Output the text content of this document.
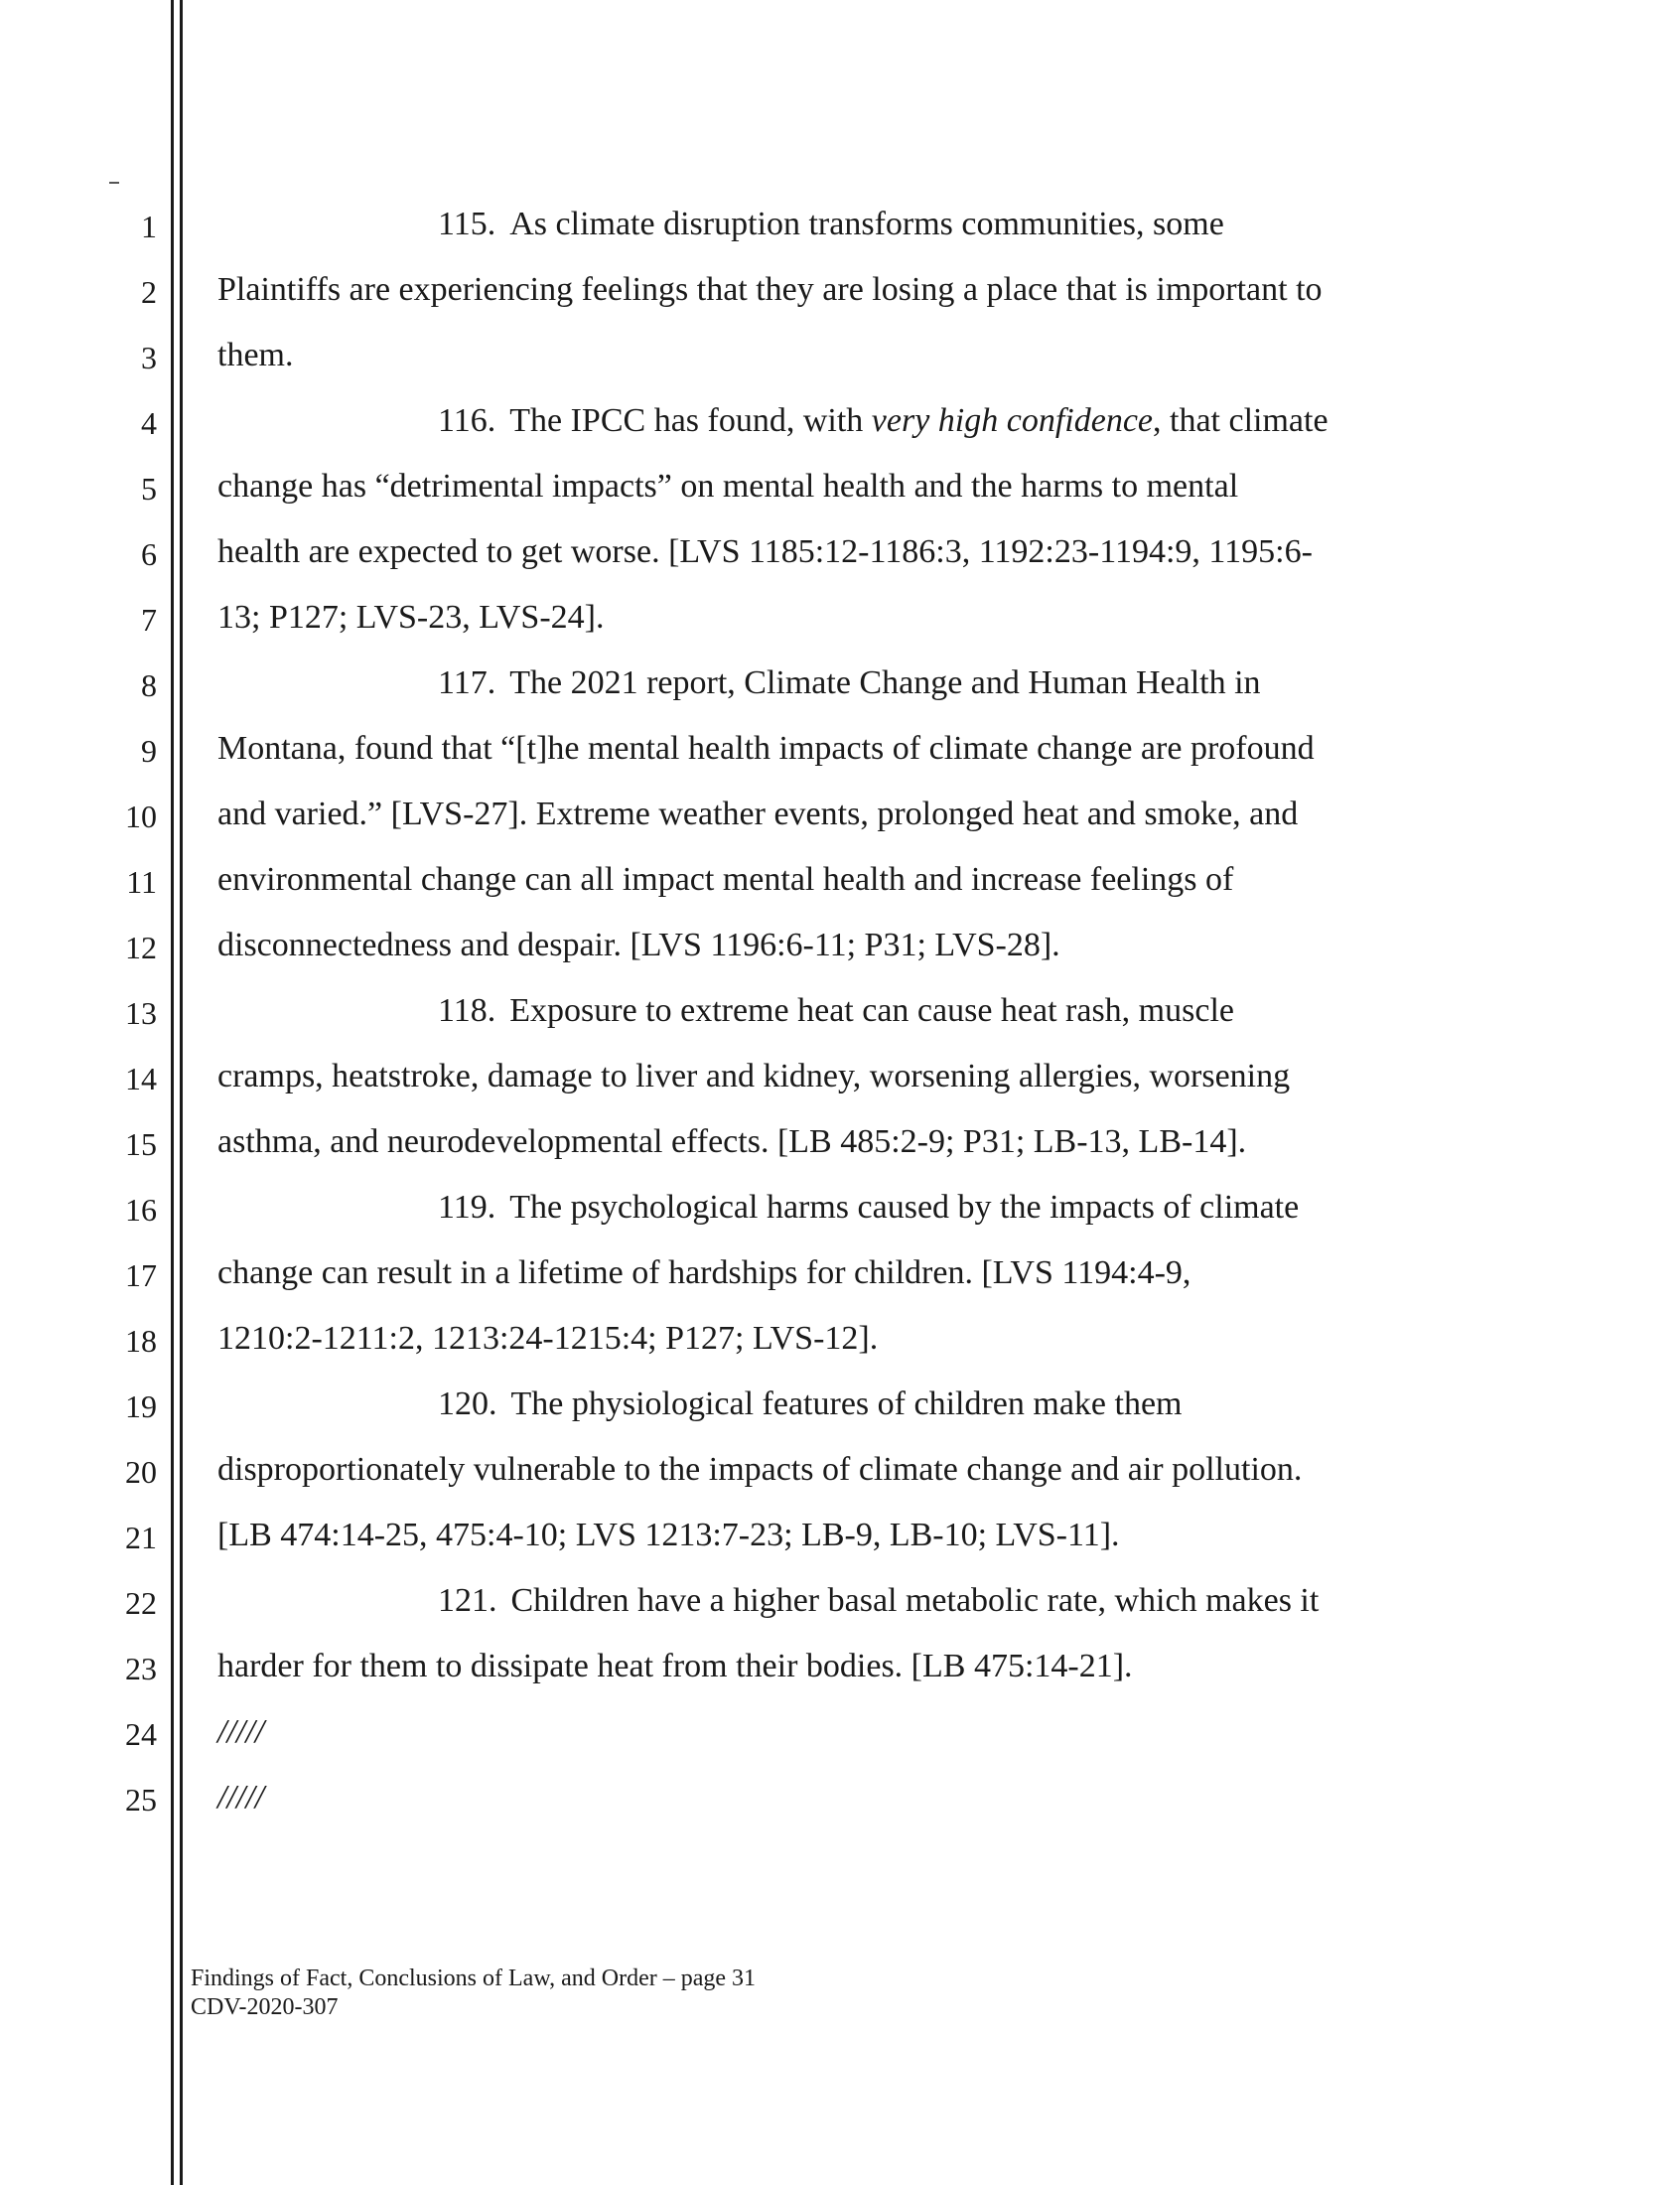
1
2
3
4
5
6
7
8
9
10
11
12
13
14
15
16
17
18
19
20
21
22
23
24
25
115. As climate disruption transforms communities, some
Plaintiffs are experiencing feelings that they are losing a place that is important to
them.
116. The IPCC has found, with very high confidence, that climate
change has “detrimental impacts” on mental health and the harms to mental
health are expected to get worse. [LVS 1185:12-1186:3, 1192:23-1194:9, 1195:6-
13; P127; LVS-23, LVS-24].
117. The 2021 report, Climate Change and Human Health in
Montana, found that “[t]he mental health impacts of climate change are profound
and varied.” [LVS-27]. Extreme weather events, prolonged heat and smoke, and
environmental change can all impact mental health and increase feelings of
disconnectedness and despair. [LVS 1196:6-11; P31; LVS-28].
118. Exposure to extreme heat can cause heat rash, muscle
cramps, heatstroke, damage to liver and kidney, worsening allergies, worsening
asthma, and neurodevelopmental effects. [LB 485:2-9; P31; LB-13, LB-14].
119. The psychological harms caused by the impacts of climate
change can result in a lifetime of hardships for children. [LVS 1194:4-9,
1210:2-1211:2, 1213:24-1215:4; P127; LVS-12].
120. The physiological features of children make them
disproportionately vulnerable to the impacts of climate change and air pollution.
[LB 474:14-25, 475:4-10; LVS 1213:7-23; LB-9, LB-10; LVS-11].
121. Children have a higher basal metabolic rate, which makes it
harder for them to dissipate heat from their bodies. [LB 475:14-21].
/////
/////
Findings of Fact, Conclusions of Law, and Order – page 31
CDV-2020-307
